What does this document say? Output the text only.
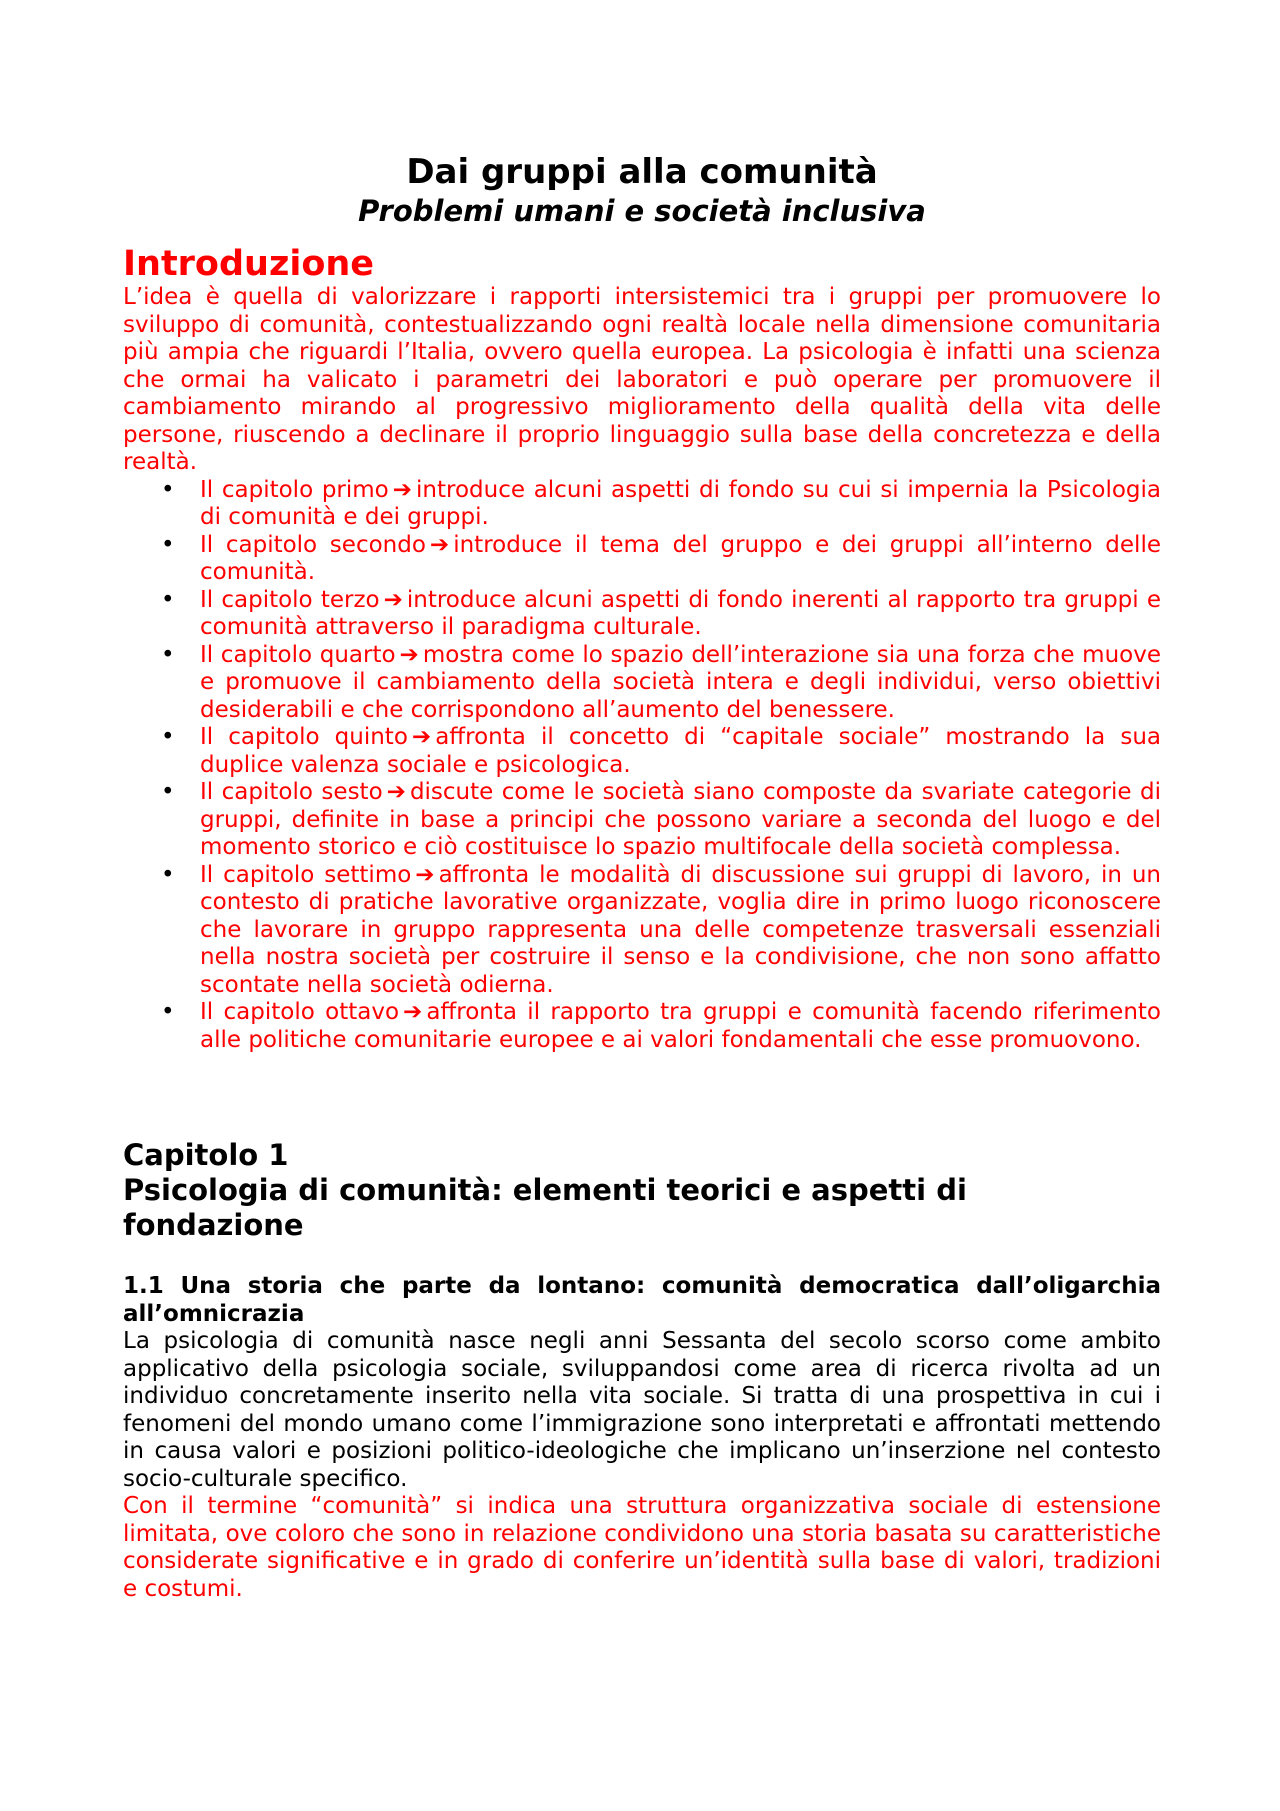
Dai gruppi alla comunità
Problemi umani e società inclusiva
Introduzione

L’idea è quella di valorizzare i rapporti intersistemici tra i gruppi per promuovere lo sviluppo di comunità, contestualizzando ogni realtà locale nella dimensione comunitaria più ampia che riguardi l’Italia, ovvero quella europea. La psicologia è infatti una scienza che ormai ha valicato i parametri dei laboratori e può operare per promuovere il cambiamento mirando al progressivo miglioramento della qualità della vita delle persone, riuscendo a declinare il proprio linguaggio sulla base della concretezza e della realtà.

• Il capitolo primo ➔ introduce alcuni aspetti di fondo su cui si impernia la Psicologia di comunità e dei gruppi.
• Il capitolo secondo ➔ introduce il tema del gruppo e dei gruppi all’interno delle comunità.
• Il capitolo terzo ➔ introduce alcuni aspetti di fondo inerenti al rapporto tra gruppi e comunità attraverso il paradigma culturale.
• Il capitolo quarto ➔ mostra come lo spazio dell’interazione sia una forza che muove e promuove il cambiamento della società intera e degli individui, verso obiettivi desiderabili e che corrispondono all’aumento del benessere.
• Il capitolo quinto ➔ affronta il concetto di “capitale sociale” mostrando la sua duplice valenza sociale e psicologica.
• Il capitolo sesto ➔ discute come le società siano composte da svariate categorie di gruppi, definite in base a principi che possono variare a seconda del luogo e del momento storico e ciò costituisce lo spazio multifocale della società complessa.
• Il capitolo settimo ➔ affronta le modalità di discussione sui gruppi di lavoro, in un contesto di pratiche lavorative organizzate, voglia dire in primo luogo riconoscere che lavorare in gruppo rappresenta una delle competenze trasversali essenziali nella nostra società per costruire il senso e la condivisione, che non sono affatto scontate nella società odierna.
• Il capitolo ottavo ➔ affronta il rapporto tra gruppi e comunità facendo riferimento alle politiche comunitarie europee e ai valori fondamentali che esse promuovono.
Capitolo 1
Psicologia di comunità: elementi teorici e aspetti di
fondazione
1.1 Una storia che parte da lontano: comunità democratica dall’oligarchia all’omnicrazia

La psicologia di comunità nasce negli anni Sessanta del secolo scorso come ambito applicativo della psicologia sociale, sviluppandosi come area di ricerca rivolta ad un individuo concretamente inserito nella vita sociale. Si tratta di una prospettiva in cui i fenomeni del mondo umano come l’immigrazione sono interpretati e affrontati mettendo in causa valori e posizioni politico-ideologiche che implicano un’inserzione nel contesto socio-culturale specifico.

Con il termine “comunità” si indica una struttura organizzativa sociale di estensione limitata, ove coloro che sono in relazione condividono una storia basata su caratteristiche considerate significative e in grado di conferire un’identità sulla base di valori, tradizioni e costumi.
